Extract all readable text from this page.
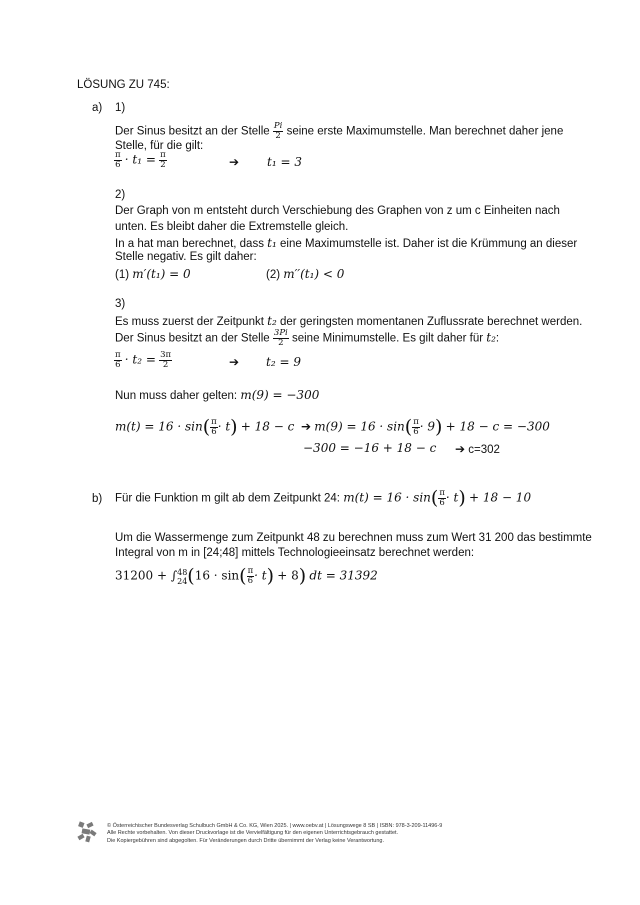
LÖSUNG ZU 745:
a) 1)
Der Sinus besitzt an der Stelle $\frac{Pi}{2}$ seine erste Maximumstelle. Man berechnet daher jene
Stelle, für die gilt:
$\frac{\pi}{6} \cdot t_1 = \frac{\pi}{2}$	➔ t₁ = 3
2)
Der Graph von m entsteht durch Verschiebung des Graphen von z um c Einheiten nach
unten. Es bleibt daher die Extremstelle gleich.
In a hat man berechnet, dass t₁ eine Maximumstelle ist. Daher ist die Krümmung an dieser
Stelle negativ. Es gilt daher:
(1) m′(t₁) = 0	(2) m′′(t₁) < 0
3)
Es muss zuerst der Zeitpunkt t₂ der geringsten momentanen Zuflussrate berechnet werden.
Der Sinus besitzt an der Stelle $\frac{3Pi}{2}$ seine Minimumstelle. Es gilt daher für t₂:
$\frac{\pi}{6} \cdot t_2 = \frac{3\pi}{2}$	➔ t₂ = 9
Nun muss daher gelten: m(9) = −300
$m(t) = 16 \cdot \sin( \frac{\pi}{6} \cdot t) + 18 - c$ ➔ $m(9) = 16 \cdot \sin( \frac{\pi}{6} \cdot 9) + 18 - c = -300$
−300 = −16 + 18 − c ➔ c=302
b) Für die Funktion m gilt ab dem Zeitpunkt 24: $m(t) = 16 \cdot \sin( \frac{\pi}{6} \cdot t) + 18 - 10$
Um die Wassermenge zum Zeitpunkt 48 zu berechnen muss zum Wert 31 200 das bestimmte
Integral von m in [24;48] mittels Technologieeinsatz berechnet werden:
31200 + ∫ 48
24 $(16 \cdot \sin( \frac{\pi}{6} \cdot t) + 8)$ dt = 31392
© Österreichischer Bundesverlag Schulbuch GmbH & Co. KG, Wien 2025. | www.oebv.at | Lösungswege 8 SB | ISBN: 978-3-209-11496-9
Alle Rechte vorbehalten. Von dieser Druckvorlage ist die Vervielfältigung für den eigenen Unterrichtsgebrauch gestattet.
Die Kopiergebühren sind abgegolten. Für Veränderungen durch Dritte übernimmt der Verlag keine Verantwortung.
